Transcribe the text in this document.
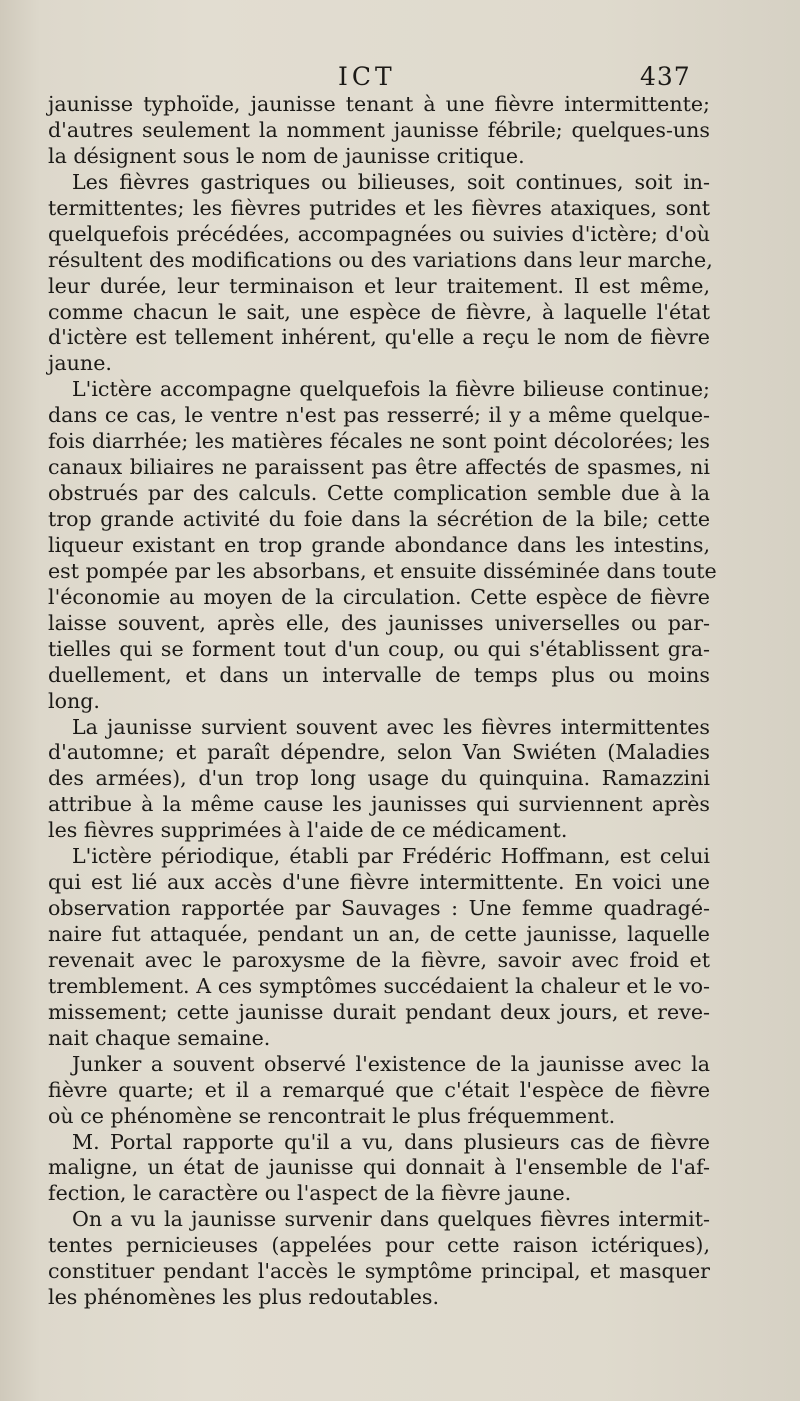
ICT	437
jaunisse typhoïde, jaunisse tenant à une fièvre intermittente;
d'autres seulement la nomment jaunisse fébrile; quelques-uns
la désignent sous le nom de jaunisse critique.
Les fièvres gastriques ou bilieuses, soit continues, soit in-
termittentes; les fièvres putrides et les fièvres ataxiques, sont
quelquefois précédées, accompagnées ou suivies d'ictère; d'où
résultent des modifications ou des variations dans leur marche,
leur durée, leur terminaison et leur traitement. Il est même,
comme chacun le sait, une espèce de fièvre, à laquelle l'état
d'ictère est tellement inhérent, qu'elle a reçu le nom de fièvre
jaune.
L'ictère accompagne quelquefois la fièvre bilieuse continue;
dans ce cas, le ventre n'est pas resserré; il y a même quelque-
fois diarrhée; les matières fécales ne sont point décolorées; les
canaux biliaires ne paraissent pas être affectés de spasmes, ni
obstrués par des calculs. Cette complication semble due à la
trop grande activité du foie dans la sécrétion de la bile; cette
liqueur existant en trop grande abondance dans les intestins,
est pompée par les absorbans, et ensuite disséminée dans toute
l'économie au moyen de la circulation. Cette espèce de fièvre
laisse souvent, après elle, des jaunisses universelles ou par-
tielles qui se forment tout d'un coup, ou qui s'établissent gra-
duellement, et dans un intervalle de temps plus ou moins
long.
La jaunisse survient souvent avec les fièvres intermittentes
d'automne; et paraît dépendre, selon Van Swiéten (Maladies
des armées), d'un trop long usage du quinquina. Ramazzini
attribue à la même cause les jaunisses qui surviennent après
les fièvres supprimées à l'aide de ce médicament.
L'ictère périodique, établi par Frédéric Hoffmann, est celui
qui est lié aux accès d'une fièvre intermittente. En voici une
observation rapportée par Sauvages : Une femme quadragé-
naire fut attaquée, pendant un an, de cette jaunisse, laquelle
revenait avec le paroxysme de la fièvre, savoir avec froid et
tremblement. A ces symptômes succédaient la chaleur et le vo-
missement; cette jaunisse durait pendant deux jours, et reve-
nait chaque semaine.
Junker a souvent observé l'existence de la jaunisse avec la
fièvre quarte; et il a remarqué que c'était l'espèce de fièvre
où ce phénomène se rencontrait le plus fréquemment.
M. Portal rapporte qu'il a vu, dans plusieurs cas de fièvre
maligne, un état de jaunisse qui donnait à l'ensemble de l'af-
fection, le caractère ou l'aspect de la fièvre jaune.
On a vu la jaunisse survenir dans quelques fièvres intermit-
tentes pernicieuses (appelées pour cette raison ictériques),
constituer pendant l'accès le symptôme principal, et masquer
les phénomènes les plus redoutables.
